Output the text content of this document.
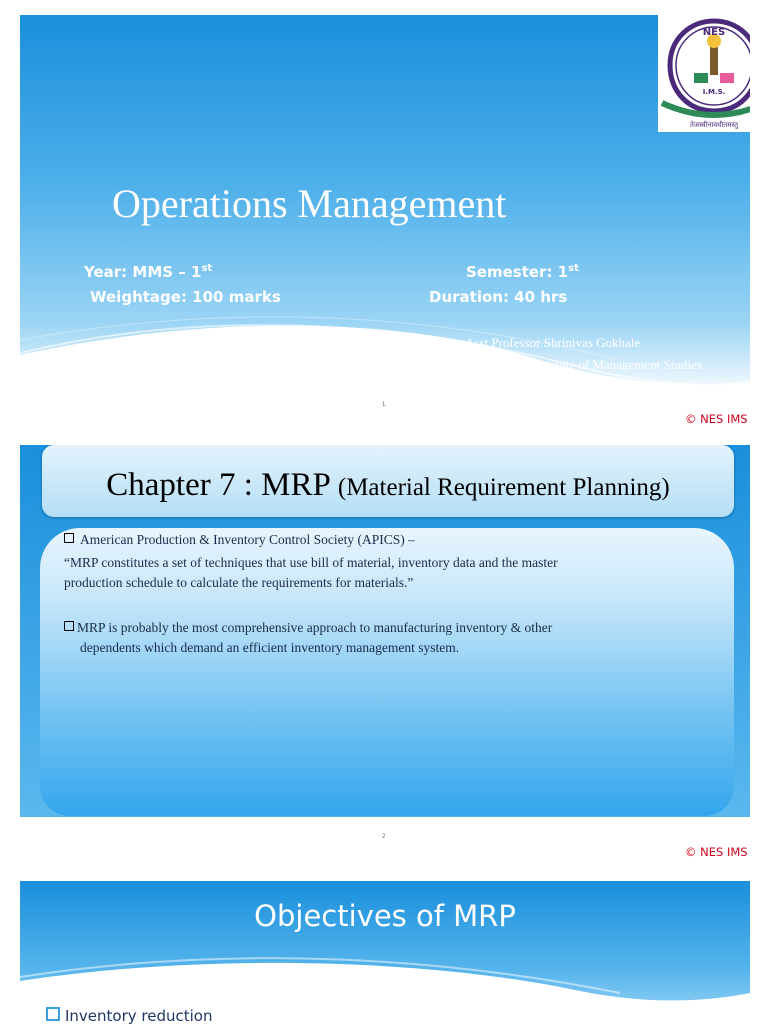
NES
I.M.S.
तेजस्वीनावधीतमस्तु
Operations Management
Year: MMS – 1st	Semester: 1st
Weightage: 100 marks	Duration: 40 hrs
Asst Professor Shrinivas Gokhale
NE Society’s Institute of Management Studies
1
© NES IMS
Chapter 7 : MRP (Material Requirement Planning)
American Production & Inventory Control Society (APICS) –
“MRP constitutes a set of techniques that use bill of material, inventory data and the master
production schedule to calculate the requirements for materials.”
MRP is probably the most comprehensive approach to manufacturing inventory & other
dependents which demand an efficient inventory management system.
2
© NES IMS
Objectives of MRP
Inventory reduction
